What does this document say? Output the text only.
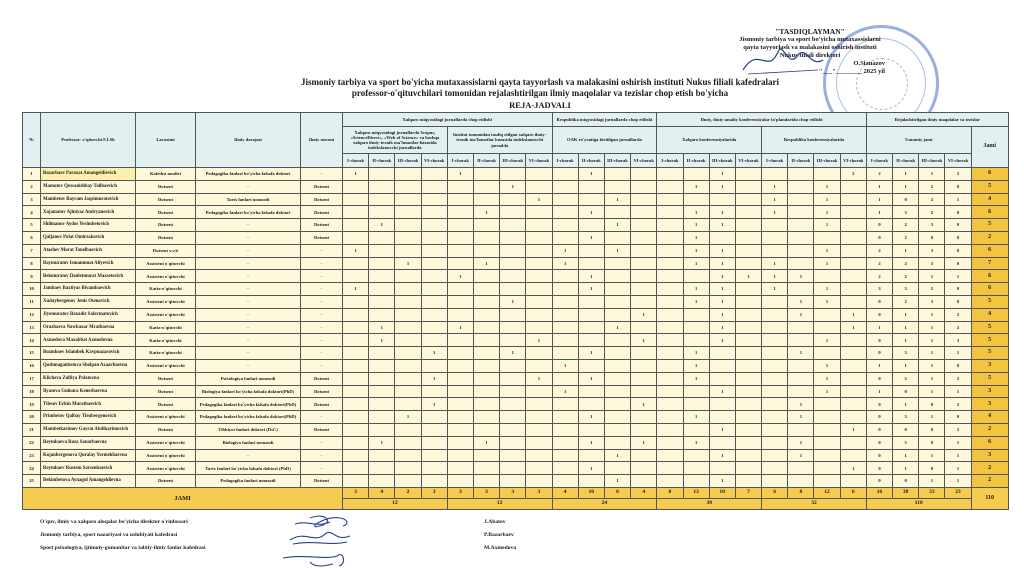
"TASDIQLAYMAN"
Jismoniy tarbiya va sport bo'yicha mutaxassislarni
qayta tayyorlash va malakasini oshirish instituti
Nukus filiali direktori
O.Sianazov
"___"________ 2025 yil
Jismoniy tarbiya va sport bo'yicha mutaxassislarni qayta tayyorlash va malakasini oshirish instituti Nukus filiali kafedralari
professor-o'qituvchilari tomonidan rejalashtirilgan ilmiy maqolalar va tezislar chop etish bo'yicha
REJA-JADVALI
№	Professor- o'qituvchi F.I.Sh	Lavozimi	Ilmiy darajasi	Ilmiy unvoni	Xalqaro miqyosidagi jurnallarda chop etilishi								Respublika miqyosidagi jurnallarda chop etilishi				Ilmiy, ilmiy-amaliy konferensiyalar to'plamlarida chop etilishi								Rejalashtirilgan ilmiy maqolalar va tezislar				
					Xalqaro miqyosidagi jurnallarda Scopus, «ScienceDirect», «Web of Science» va boshqa xalqaro ilmiy-texnik ma'lumotlar bazasida indekslanuvchi jurnallarda				Institut tomonidan tasdiq etilgan xalqaro ilmiy-texnik ma'lumotlar bazasida indekslanuvchi jurnalda				OAK ro'yxatiga kiritilgan jurnallarda				Xalqaro konferensiyalarida				Respublika konferensiyalarida				Umumiy jami				Jami
					I-chorak	II-chorak	III-chorak	VI-chorak	I-chorak	II-chorak	III-chorak	VI-chorak	I-chorak	II-chorak	III-chorak	VI-chorak	I-chorak	II-chorak	III-chorak	VI-chorak	I-chorak	II-chorak	III-chorak	VI-chorak	I-chorak	II-chorak	III-chorak	VI-chorak	
1	Bazarbaev Paraxat Amangeldievich	Kafedra mudiri	Pedagogika fanlari bo'yicha falsafa doktori	-	1				1					1					1					2	2	1	1	2	6
2	Mamutov Quwanishbay Tolibaevich	Dotsent	-	Dotsent							1							1	1		1		1		1	1	2	0	5
3	Mambetov Bayram Jaqsimuratovich	Dotsent	Tarix fanlari nomzodi	Dotsent								1			1						1		1		1	0	2	1	4
4	Xojamatov Ajiniyaz Andryanovich	Dotsent	Pedagogika fanlari bo'yicha falsafa doktori	Dotsent						1				1				1	1		1		1		1	3	2	0	6
5	Shilmanov Aydos Yerimbetovich	Dotsent	-	Dotsent		1									1			1	1				1		0	2	3	0	5
6	Qaljanov Polat Omirzakovich	Dotsent	-	Dotsent										1				1							0	2	0	0	2
7	Atashev Marat Tanelbaevich	Dotsent v.v.b	-	-	1								1		1			1	1				1		2	1	3	0	6
8	Baymuratov Ismanmuat Aliyevich	Assistent o'qituvchi	-	-			1			1			1					1	1		1		1		2	2	3	0	7
9	Bekmuratov Dauletmurat Maxsetovich	Assistent o'qituvchi	-	-					1					1					1	1	1	1			2	2	1	1	6
10	Jambaev Baxtiyar Bivambaevich	Katta-o'qituvchi	-	-	1									1				1	1		1		1		3	3	2	0	6
11	Xudaybergenov Jenis Otenovich	Assistent o'qituvchi	-	-							1							1	1			1	1		0	2	3	0	5
12	Jiyemuratov Baxadir Salavmatovich	Assistent o'qituvchi	-	-												1			1			1		1	0	1	1	2	4
13	Orazbaeva Nawbaxar Mratbaevna	Katta-o'qituvchi	-	-		1			1						1				1					1	1	1	1	2	5
14	Axmedova Maxabbat Axmedovna	Katta-o'qituvchi	-	-		1						1				1			1				1		0	1	1	3	5
15	Bozmbaev Islambek Kavpnazarovich	Katta-o'qituvchi	-	-				1			1			1				1				1			0	3	1	1	5
16	Qoshmaganbetova Sholpan Azaarbaevna	Assistent o'qituvchi	-	-									1					1					1		1	1	1	0	3
17	Klicheva Zulfiya Polatovna	Dotsent	Psixologiya fanlari nomzodi	Dotsent				1				1		1				1					1		0	2	1	2	5
18	Ilyasova Gulnara Kenesbaevna	Dotsent	Biologiya fanlari bo'yicha falsafa doktori(PhD)	Dotsent									1						1				1		1	0	1	1	3
19	Tilesov Erkin Muratbaevich	Dotsent	Pedagogika fanlari bo'yicha falsafa doktori(PhD)	Dotsent				1								1						1			0	1	0	2	3
20	Primbetov Qalbay Tleubergenovich	Assistent o'qituvchi	Pedagogika fanlari bo'yicha falsafa doktori(PhD)	-			1							1				1				1			0	3	1	0	4
21	Mambetkarimov Gayrat Abdikarimovich	Dotsent	Tibbiyot fanlari doktori (DsC)	Dotsent															1					1	0	0	0	2	2
22	Reymbaeva Roza Sanarbaevna	Assistent o'qituvchi	Biologiya fanlari nomzodi	-		1				1				1		1		1				1			0	5	0	1	6
23	Kojanbergenova Quralay Yermekbaevna	Assistent o'qituvchi	-	-											1				1			1			0	1	1	1	3
24	Reymbaev Rustem Sarsenbaevich	Assistent o'qituvchi	Tarix fanlari bo'yicha falsafa doktori (PhD)	-										1										1	0	1	0	1	2
25	Bekimbetova Aynagul Amangeldievna	Dotsent	Pedagogika fanlari nomzodi	Dotsent											1				1						0	0	1	1	2
JAMI					3	4	2	3	3	3	3	3	4	10	6	4	0	13	10	7	6	8	12	6	16	38	33	23	110
					12				12				24				30				32				110				
O'quv, ilmiy va xalqaro aloqalar bo'yicha direktor o'rinbosari
Jismoniy tarbiya, sport nazariyasi va uslubiyati kafedrasi
Sport psixologiya, ijtimoiy-gumanitar va tabiiy-ilmiy fanlar kafedrasi
J.Abatov
P.Bazarbaev
M.Axmedova
